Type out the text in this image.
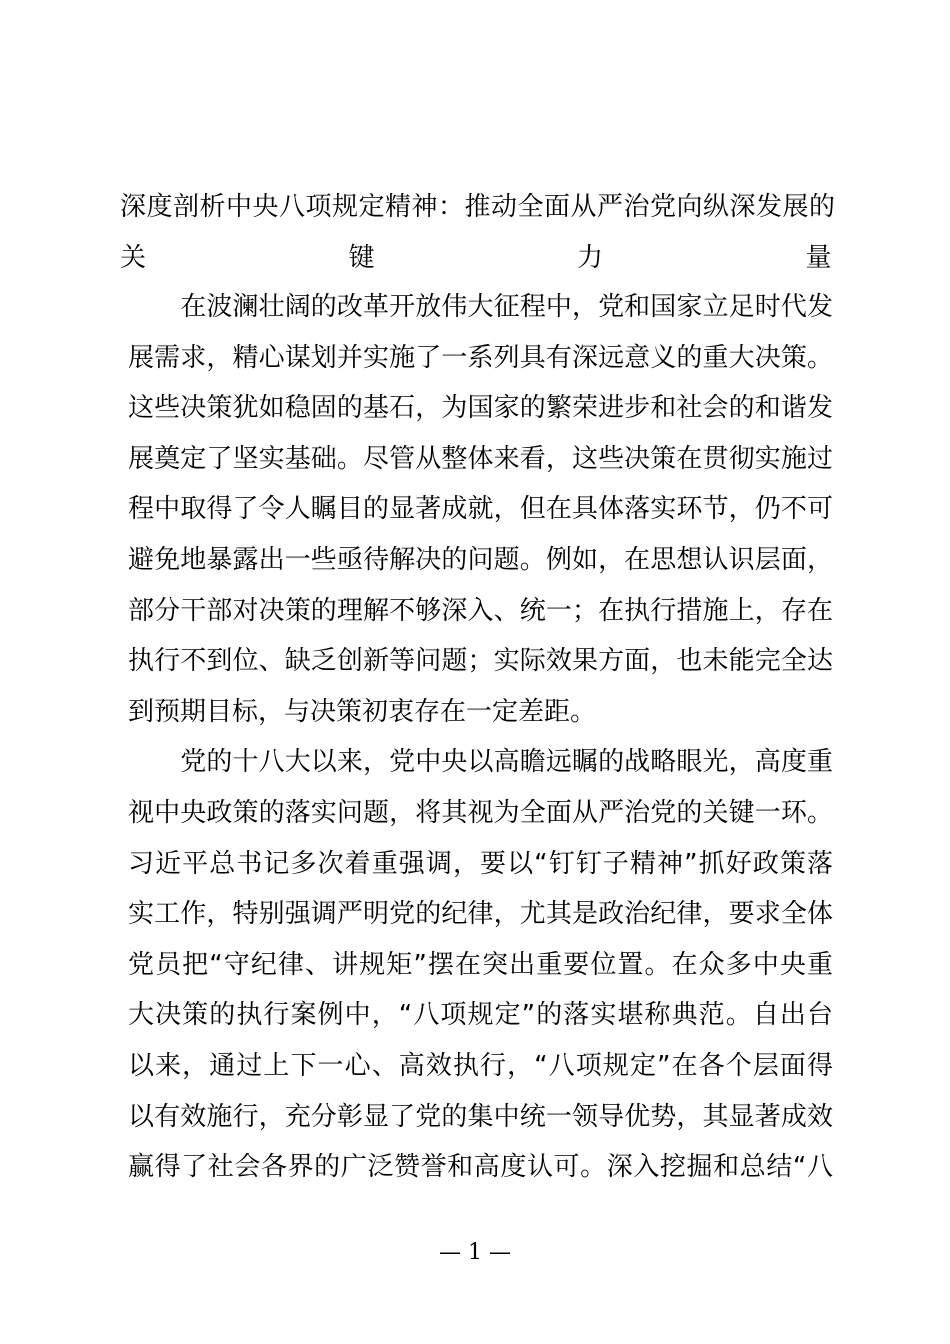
深度剖析中央八项规定精神：推动全面从严治党向纵深发展的
关键力量
　　在波澜壮阔的改革开放伟大征程中，党和国家立足时代发
展需求，精心谋划并实施了一系列具有深远意义的重大决策。
这些决策犹如稳固的基石，为国家的繁荣进步和社会的和谐发
展奠定了坚实基础。尽管从整体来看，这些决策在贯彻实施过
程中取得了令人瞩目的显著成就，但在具体落实环节，仍不可
避免地暴露出一些亟待解决的问题。例如，在思想认识层面，
部分干部对决策的理解不够深入、统一；在执行措施上，存在
执行不到位、缺乏创新等问题；实际效果方面，也未能完全达
到预期目标，与决策初衷存在一定差距。
　　党的十八大以来，党中央以高瞻远瞩的战略眼光，高度重
视中央政策的落实问题，将其视为全面从严治党的关键一环。
习近平总书记多次着重强调，要以“钉钉子精神”抓好政策落
实工作，特别强调严明党的纪律，尤其是政治纪律，要求全体
党员把“守纪律、讲规矩”摆在突出重要位置。在众多中央重
大决策的执行案例中，“八项规定”的落实堪称典范。自出台
以来，通过上下一心、高效执行，“八项规定”在各个层面得
以有效施行，充分彰显了党的集中统一领导优势，其显著成效
赢得了社会各界的广泛赞誉和高度认可。深入挖掘和总结“八
— 1 —
